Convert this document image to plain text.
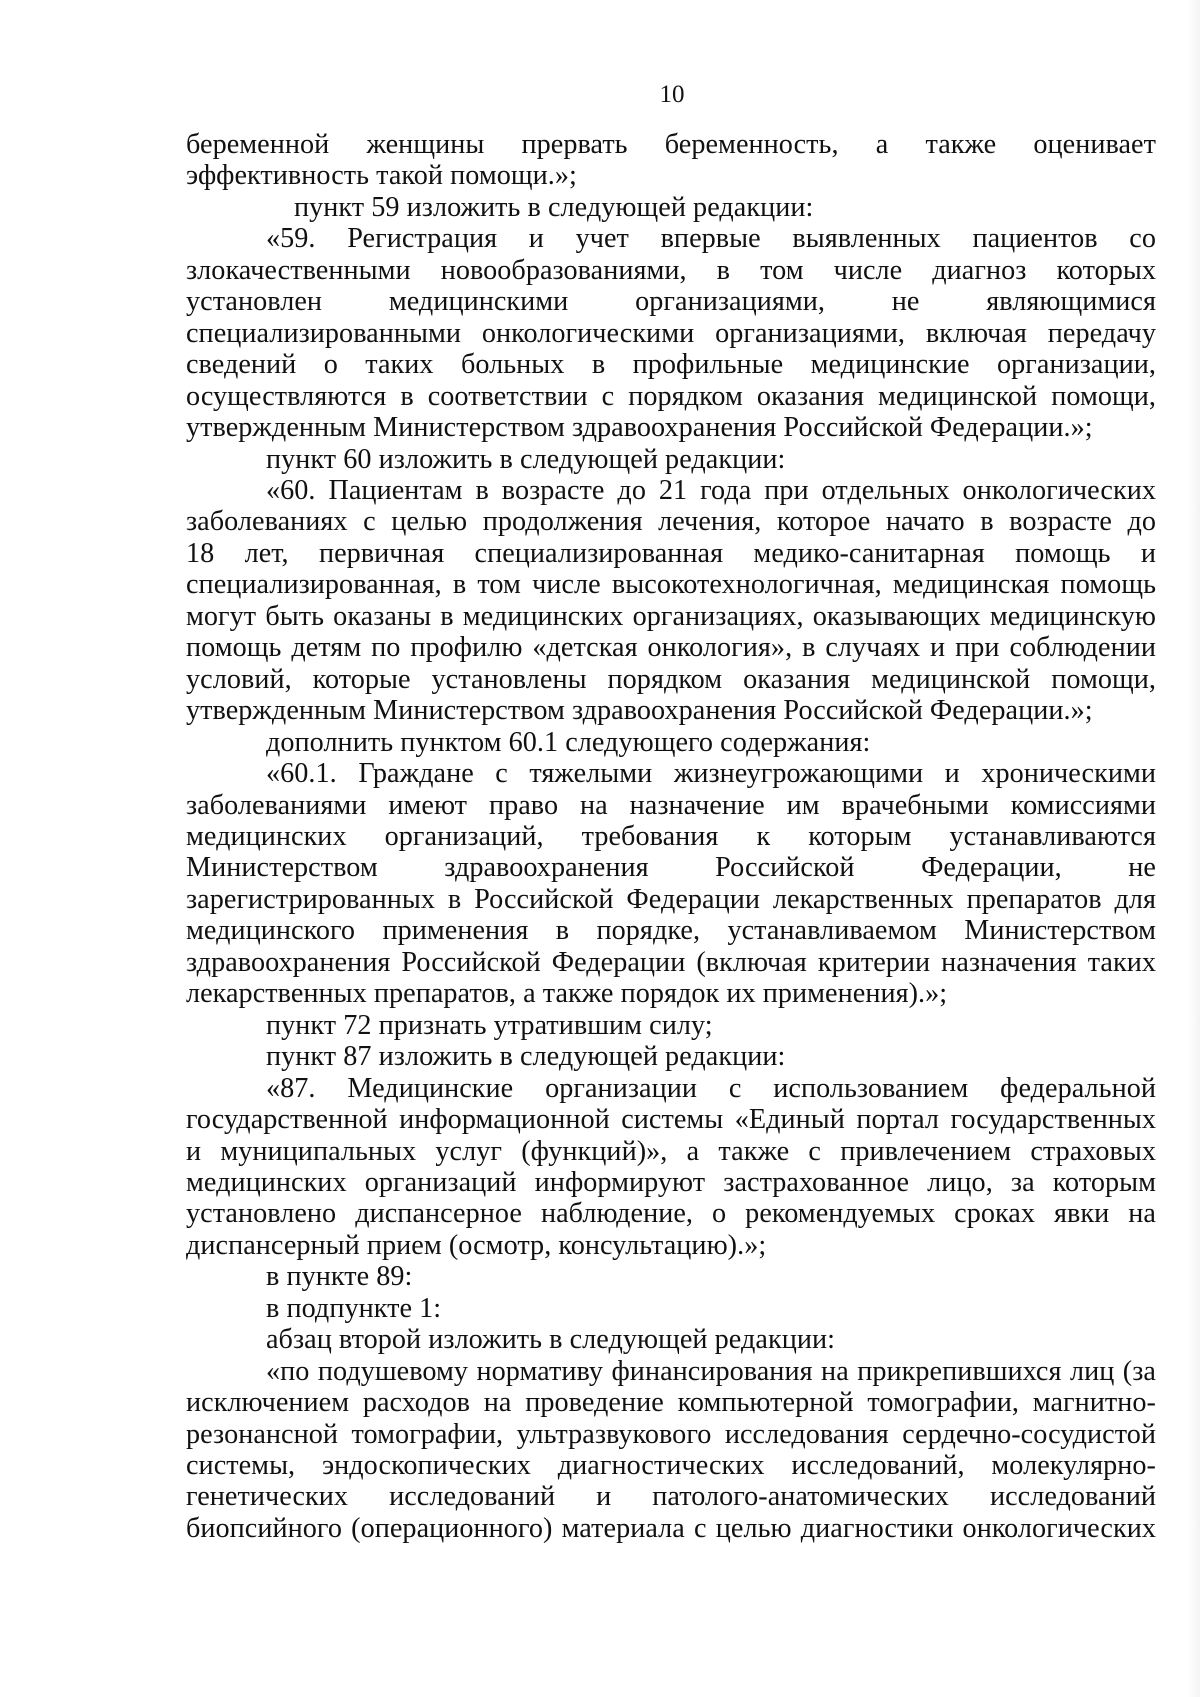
10
беременной женщины прервать беременность, а также оценивает
эффективность такой помощи.»;
пункт 59 изложить в следующей редакции:
«59. Регистрация и учет впервые выявленных пациентов со
злокачественными новообразованиями, в том числе диагноз которых
установлен медицинскими организациями, не являющимися
специализированными онкологическими организациями, включая передачу
сведений о таких больных в профильные медицинские организации,
осуществляются в соответствии с порядком оказания медицинской помощи,
утвержденным Министерством здравоохранения Российской Федерации.»;
пункт 60 изложить в следующей редакции:
«60. Пациентам в возрасте до 21 года при отдельных онкологических
заболеваниях с целью продолжения лечения, которое начато в возрасте до
18 лет, первичная специализированная медико-санитарная помощь и
специализированная, в том числе высокотехнологичная, медицинская помощь
могут быть оказаны в медицинских организациях, оказывающих медицинскую
помощь детям по профилю «детская онкология», в случаях и при соблюдении
условий, которые установлены порядком оказания медицинской помощи,
утвержденным Министерством здравоохранения Российской Федерации.»;
дополнить пунктом 60.1 следующего содержания:
«60.1. Граждане с тяжелыми жизнеугрожающими и хроническими
заболеваниями имеют право на назначение им врачебными комиссиями
медицинских организаций, требования к которым устанавливаются
Министерством здравоохранения Российской Федерации, не
зарегистрированных в Российской Федерации лекарственных препаратов для
медицинского применения в порядке, устанавливаемом Министерством
здравоохранения Российской Федерации (включая критерии назначения таких
лекарственных препаратов, а также порядок их применения).»;
пункт 72 признать утратившим силу;
пункт 87 изложить в следующей редакции:
«87. Медицинские организации с использованием федеральной
государственной информационной системы «Единый портал государственных
и муниципальных услуг (функций)», а также с привлечением страховых
медицинских организаций информируют застрахованное лицо, за которым
установлено диспансерное наблюдение, о рекомендуемых сроках явки на
диспансерный прием (осмотр, консультацию).»;
в пункте 89:
в подпункте 1:
абзац второй изложить в следующей редакции:
«по подушевому нормативу финансирования на прикрепившихся лиц (за
исключением расходов на проведение компьютерной томографии, магнитно-
резонансной томографии, ультразвукового исследования сердечно-сосудистой
системы, эндоскопических диагностических исследований, молекулярно-
генетических исследований и патолого-анатомических исследований
биопсийного (операционного) материала с целью диагностики онкологических
